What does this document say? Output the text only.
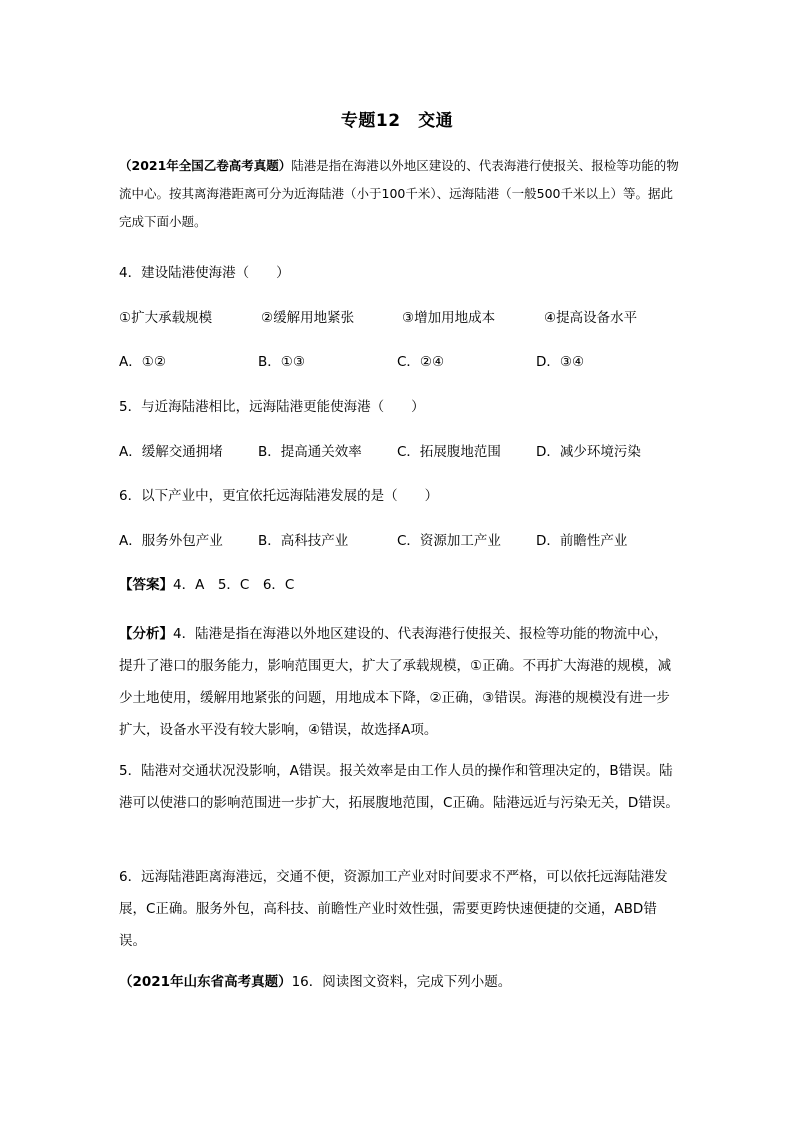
专题12　交通
（2021年全国乙卷高考真题）陆港是指在海港以外地区建设的、代表海港行使报关、报检等功能的物流中心。按其离海港距离可分为近海陆港（小于100千米）、远海陆港（一般500千米以上）等。据此完成下面小题。
4．建设陆港使海港（　　）
①扩大承载规模	②缓解用地紧张	③增加用地成本	④提高设备水平
A．①②	B．①③	C．②④	D．③④
5．与近海陆港相比，远海陆港更能使海港（　　）
A．缓解交通拥堵	B．提高通关效率	C．拓展腹地范围	D．减少环境污染
6．以下产业中，更宜依托远海陆港发展的是（　　）
A．服务外包产业	B．高科技产业	C．资源加工产业	D．前瞻性产业
【答案】4．A　5．C　6．C
【分析】4．陆港是指在海港以外地区建设的、代表海港行使报关、报检等功能的物流中心，提升了港口的服务能力，影响范围更大，扩大了承载规模，①正确。不再扩大海港的规模，减少土地使用，缓解用地紧张的问题，用地成本下降，②正确，③错误。海港的规模没有进一步扩大，设备水平没有较大影响，④错误，故选择A项。
5．陆港对交通状况没影响，A错误。报关效率是由工作人员的操作和管理决定的，B错误。陆港可以使港口的影响范围进一步扩大，拓展腹地范围，C正确。陆港远近与污染无关，D错误。
6．远海陆港距离海港远，交通不便，资源加工产业对时间要求不严格，可以依托远海陆港发展，C正确。服务外包，高科技、前瞻性产业时效性强，需要更跨快速便捷的交通，ABD错误。
（2021年山东省高考真题）16．阅读图文资料，完成下列小题。
